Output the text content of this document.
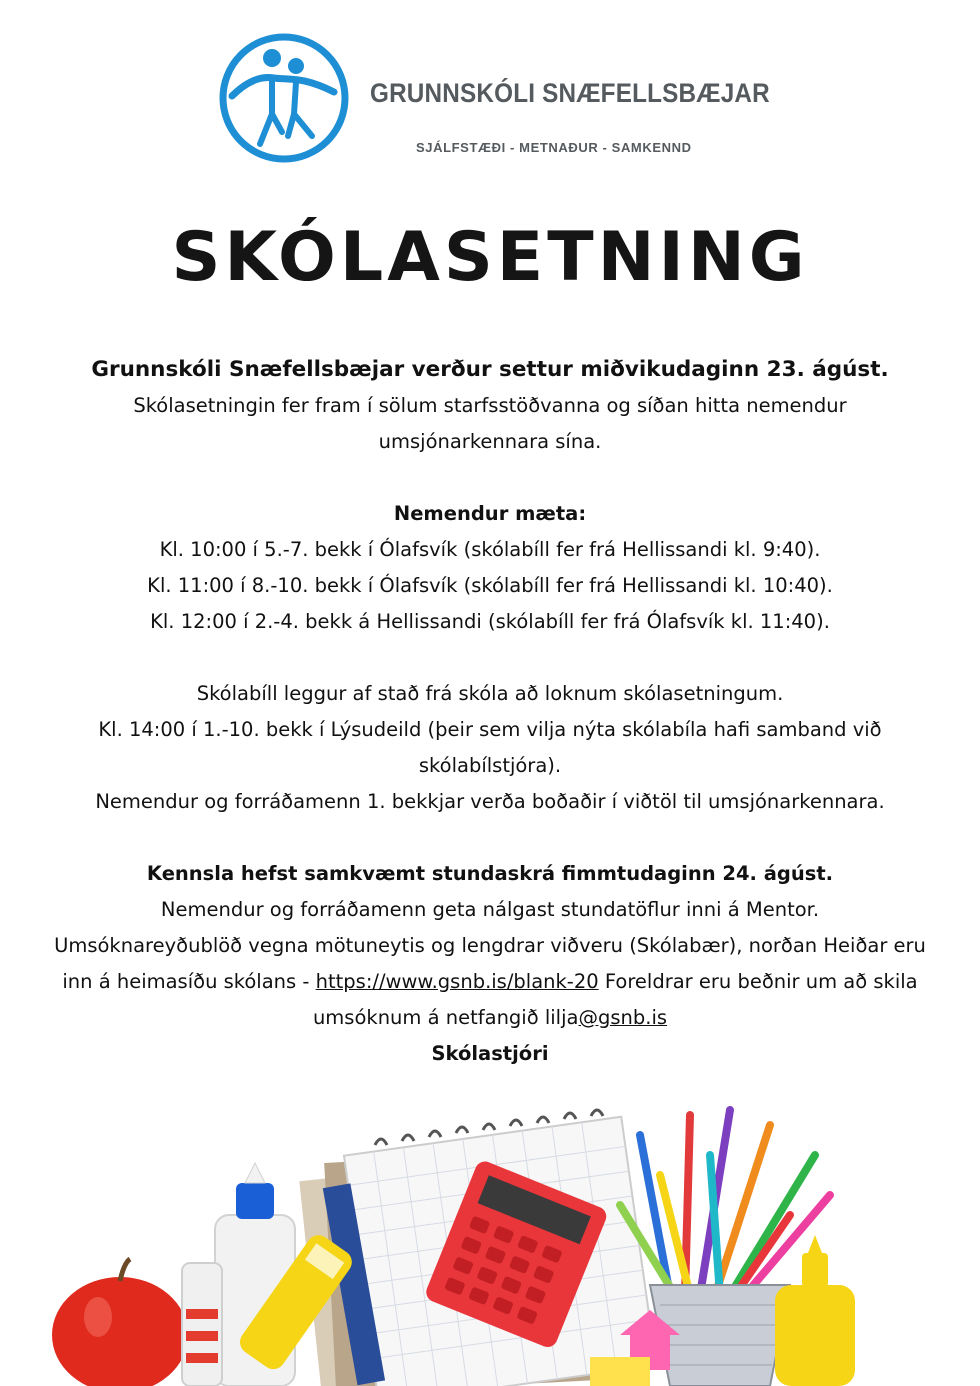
GRUNNSKÓLI SNÆFELLSBÆJAR
SJÁLFSTÆÐI - METNAÐUR - SAMKENND
SKÓLASETNING

Grunnskóli Snæfellsbæjar verður settur miðvikudaginn 23. ágúst.

Skólasetningin fer fram í sölum starfsstöðvanna og síðan hitta nemendur umsjónarkennara sína.

Nemendur mæta:

Kl. 10:00 í 5.-7. bekk í Ólafsvík (skólabíll fer frá Hellissandi kl. 9:40).

Kl. 11:00 í 8.-10. bekk í Ólafsvík (skólabíll fer frá Hellissandi kl. 10:40).

Kl. 12:00 í 2.-4. bekk á Hellissandi (skólabíll fer frá Ólafsvík kl. 11:40).

Skólabíll leggur af stað frá skóla að loknum skólasetningum.

Kl. 14:00 í 1.-10. bekk í Lýsudeild (þeir sem vilja nýta skólabíla hafi samband við skólabílstjóra).

Nemendur og forráðamenn 1. bekkjar verða boðaðir í viðtöl til umsjónarkennara.

Kennsla hefst samkvæmt stundaskrá fimmtudaginn 24. ágúst.

Nemendur og forráðamenn geta nálgast stundatöflur inni á Mentor.

Umsóknareyðublöð vegna mötuneytis og lengdrar viðveru (Skólabær), norðan Heiðar eru inn á heimasíðu skólans - https://www.gsnb.is/blank-20 Foreldrar eru beðnir um að skila umsóknum á netfangið lilja@gsnb.is

Skólastjóri
